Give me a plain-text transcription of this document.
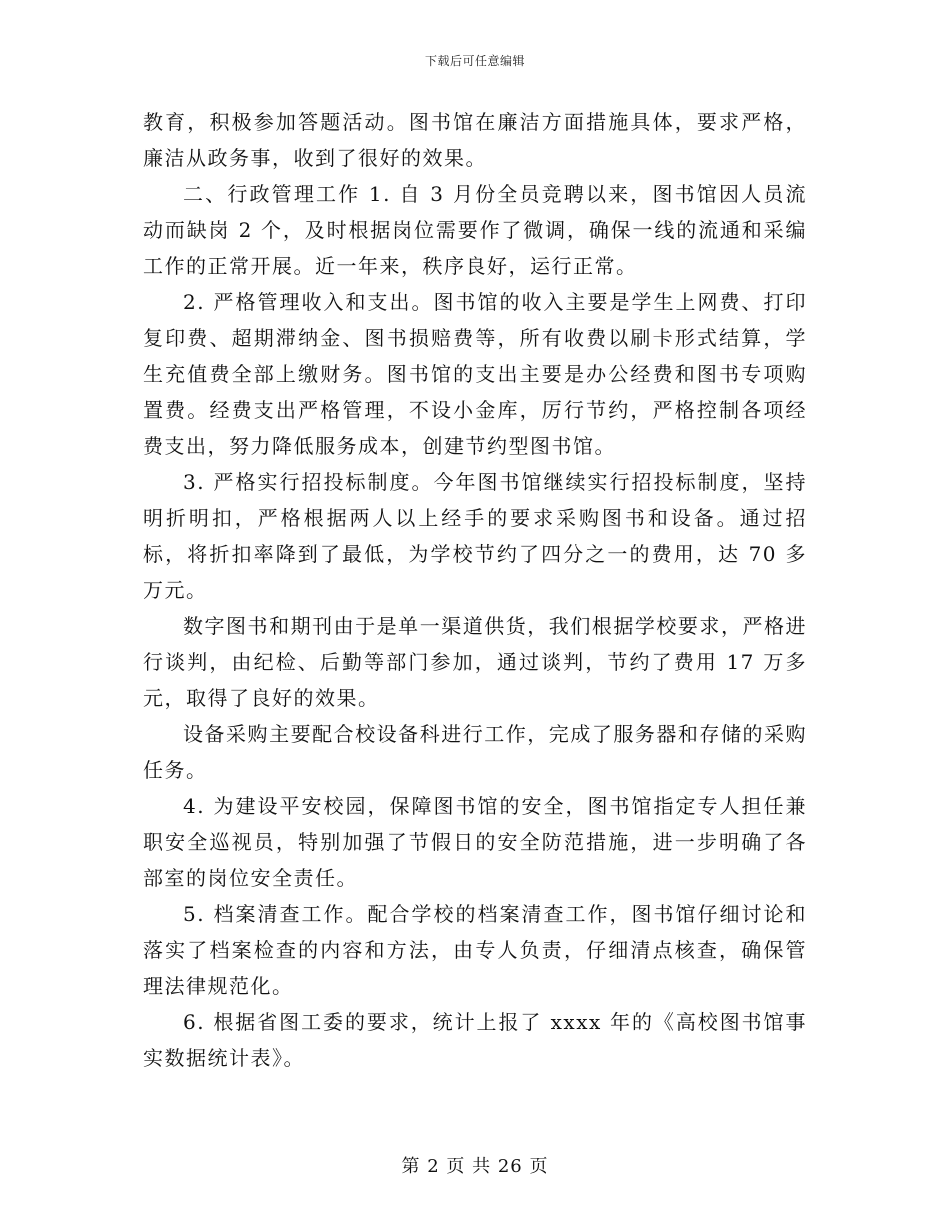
下载后可任意编辑

教育，积极参加答题活动。图书馆在廉洁方面措施具体，要求严格，廉洁从政务事，收到了很好的效果。

二、行政管理工作 1. 自 3 月份全员竞聘以来，图书馆因人员流动而缺岗 2 个，及时根据岗位需要作了微调，确保一线的流通和采编工作的正常开展。近一年来，秩序良好，运行正常。

2. 严格管理收入和支出。图书馆的收入主要是学生上网费、打印复印费、超期滞纳金、图书损赔费等，所有收费以刷卡形式结算，学生充值费全部上缴财务。图书馆的支出主要是办公经费和图书专项购置费。经费支出严格管理，不设小金库，厉行节约，严格控制各项经费支出，努力降低服务成本，创建节约型图书馆。

3. 严格实行招投标制度。今年图书馆继续实行招投标制度，坚持明折明扣，严格根据两人以上经手的要求采购图书和设备。通过招标，将折扣率降到了最低，为学校节约了四分之一的费用，达 70 多万元。

数字图书和期刊由于是单一渠道供货，我们根据学校要求，严格进行谈判，由纪检、后勤等部门参加，通过谈判，节约了费用 17 万多元，取得了良好的效果。

设备采购主要配合校设备科进行工作，完成了服务器和存储的采购任务。

4. 为建设平安校园，保障图书馆的安全，图书馆指定专人担任兼职安全巡视员，特别加强了节假日的安全防范措施，进一步明确了各部室的岗位安全责任。

5. 档案清查工作。配合学校的档案清查工作，图书馆仔细讨论和落实了档案检查的内容和方法，由专人负责，仔细清点核查，确保管理法律规范化。

6. 根据省图工委的要求，统计上报了 xxxx 年的《高校图书馆事实数据统计表》。

第 2 页 共 26 页
